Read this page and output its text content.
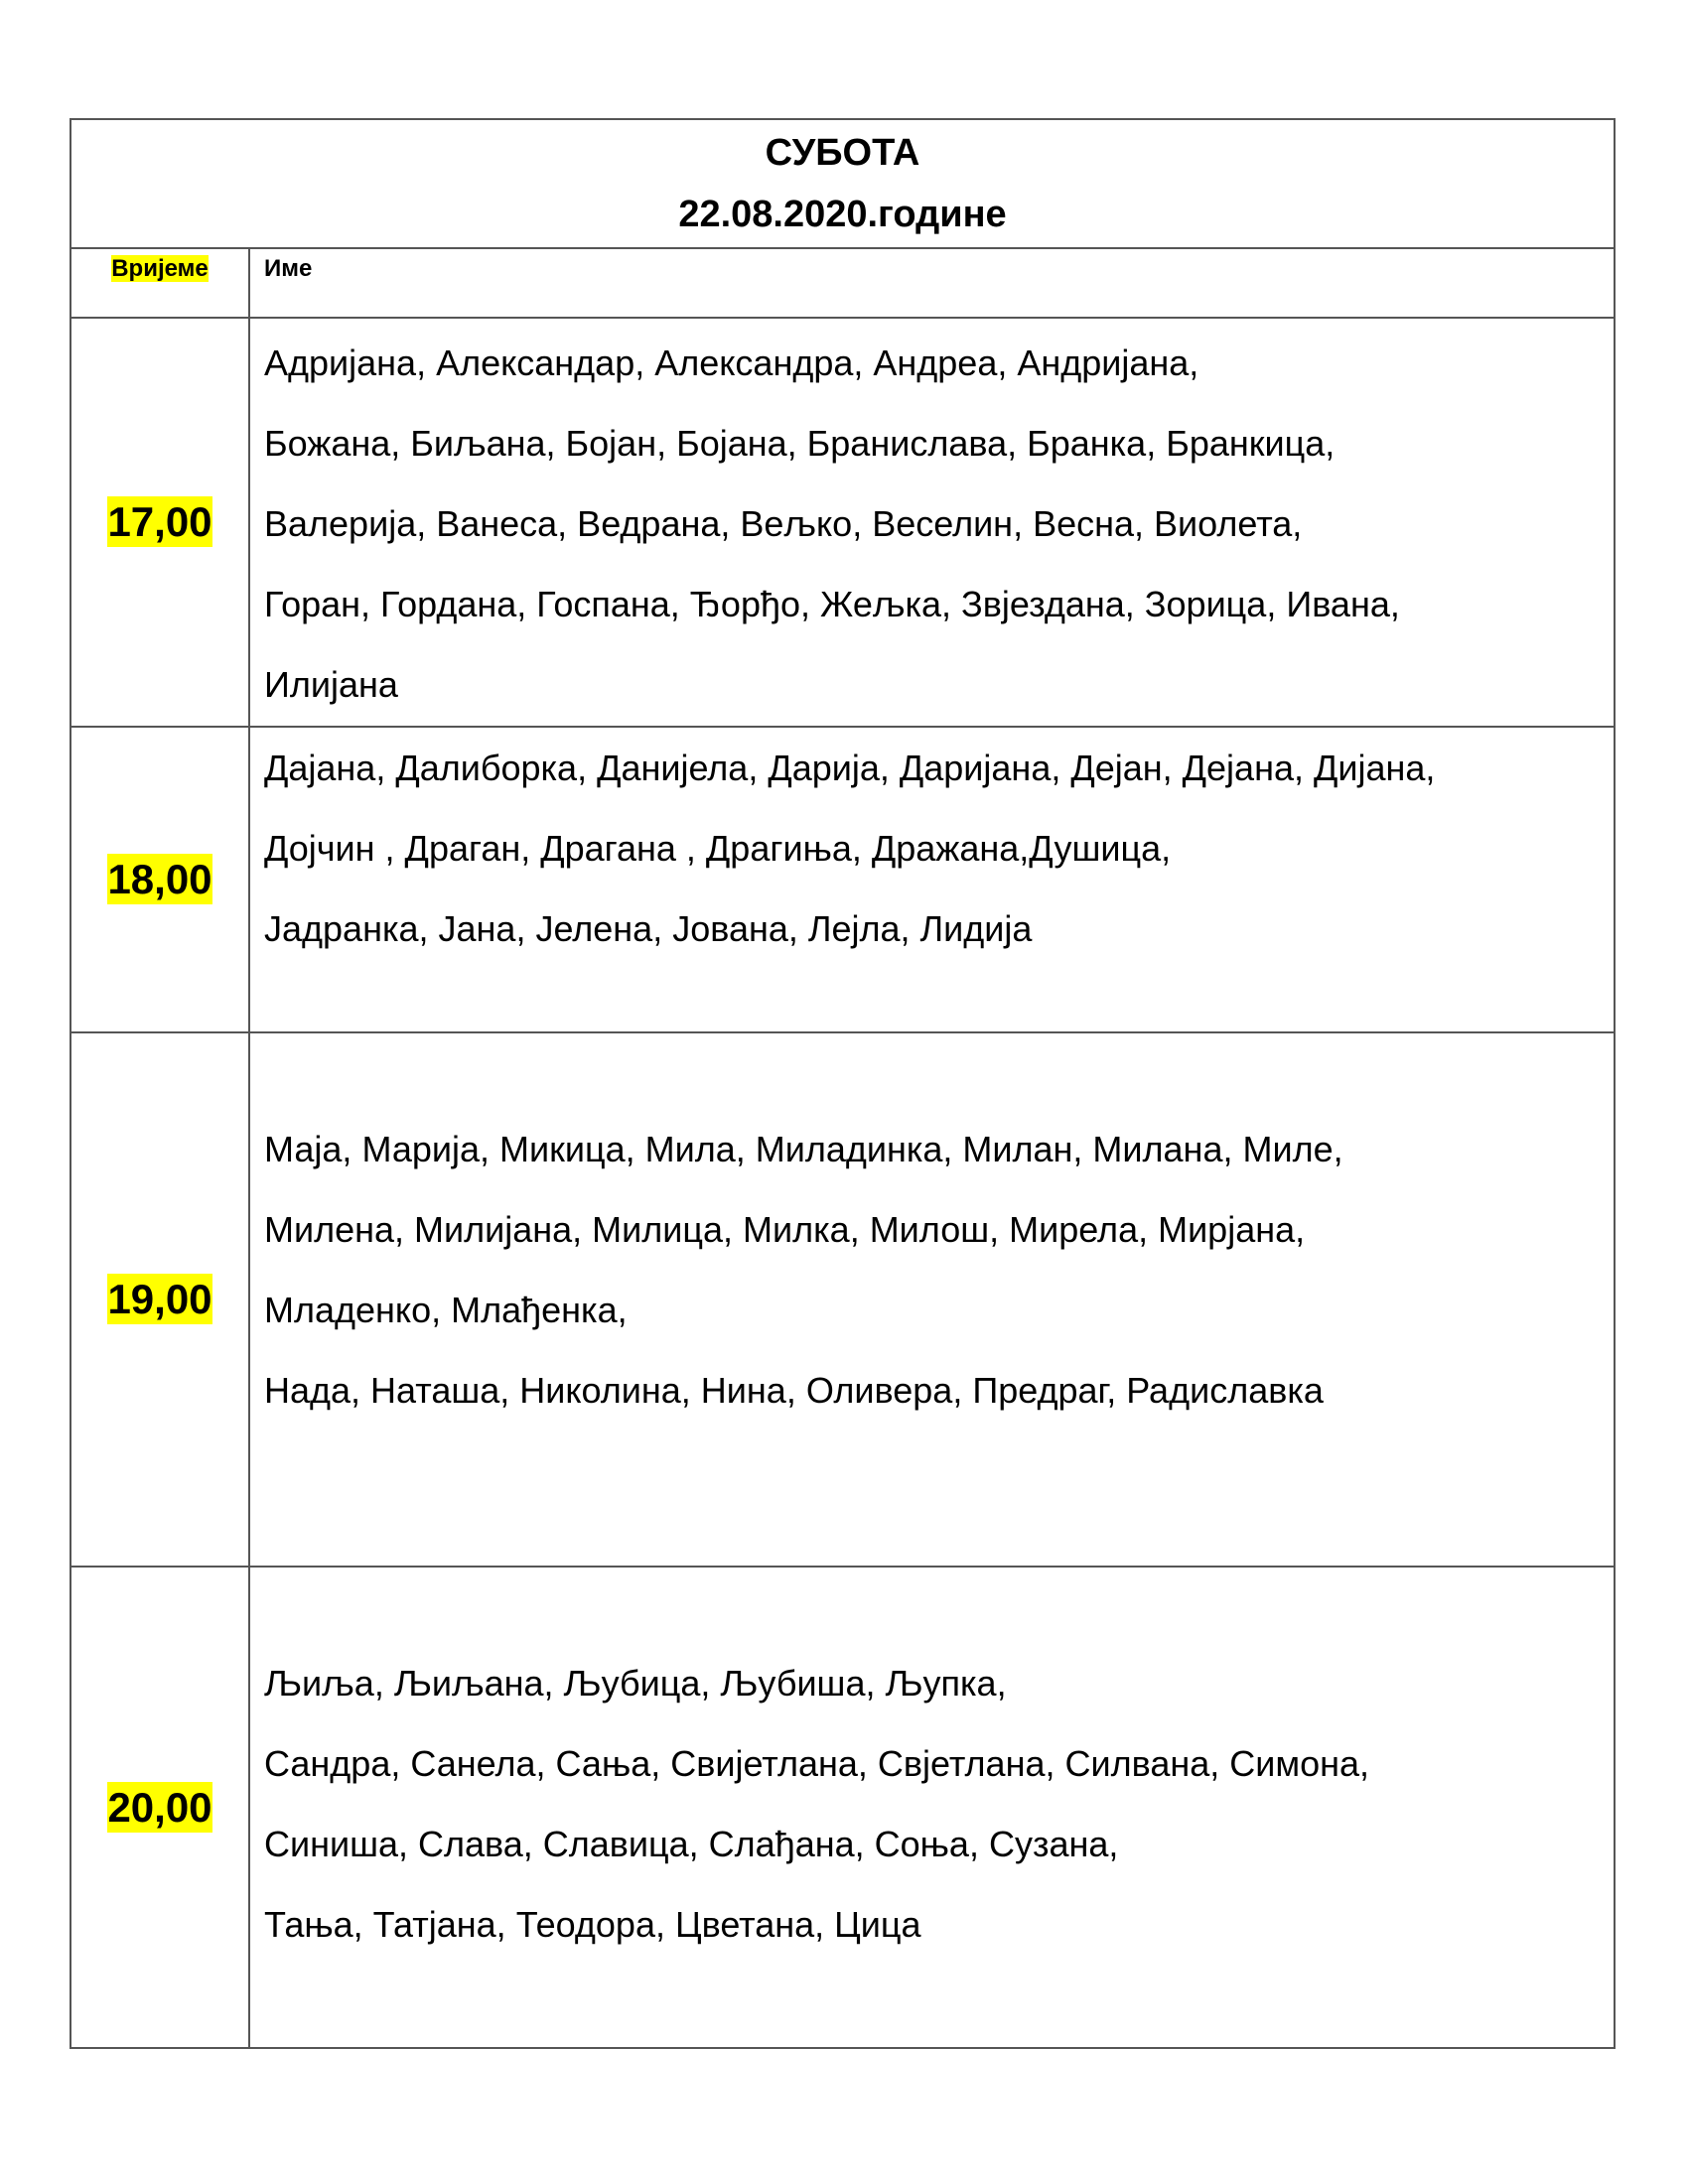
СУБОТА
22.08.2020.године	

Вријеме	Име
17,00	Адријана, Александар, Александра, Андреа, Андријана,
Божана, Биљана, Бојан, Бојана, Бранислава, Бранка, Бранкица,
Валерија, Ванеса, Ведрана, Вељко, Веселин, Весна, Виолета,
Горан, Гордана, Госпана, Ђорђо, Жељка, Звјездана, Зорица, Ивана,
Илијана

18,00	Дајана, Далиборка, Данијела, Дарија, Даријана, Дејан, Дејана, Дијана,
Дојчин , Драган, Драгана , Драгиња, Дражана,Душица,
Јадранка, Јана, Јелена, Јована, Лејла, Лидија

19,00	Маја, Марија, Микица, Мила, Миладинка, Милан, Милана, Миле,
Милена, Милијана, Милица, Милка, Милош, Мирела, Мирјана,
Младенко, Млађенка,
Нада, Наташа, Николина, Нина, Оливера, Предраг, Радиславка

20,00	Љиља, Љиљана, Љубица, Љубиша, Љупка,
Сандра, Санела, Сања, Свијетлана, Свјетлана, Силвана, Симона,
Синиша, Слава, Славица, Слађана, Соња, Сузана,
Тања, Татјана, Теодора, Цветана, Цица
